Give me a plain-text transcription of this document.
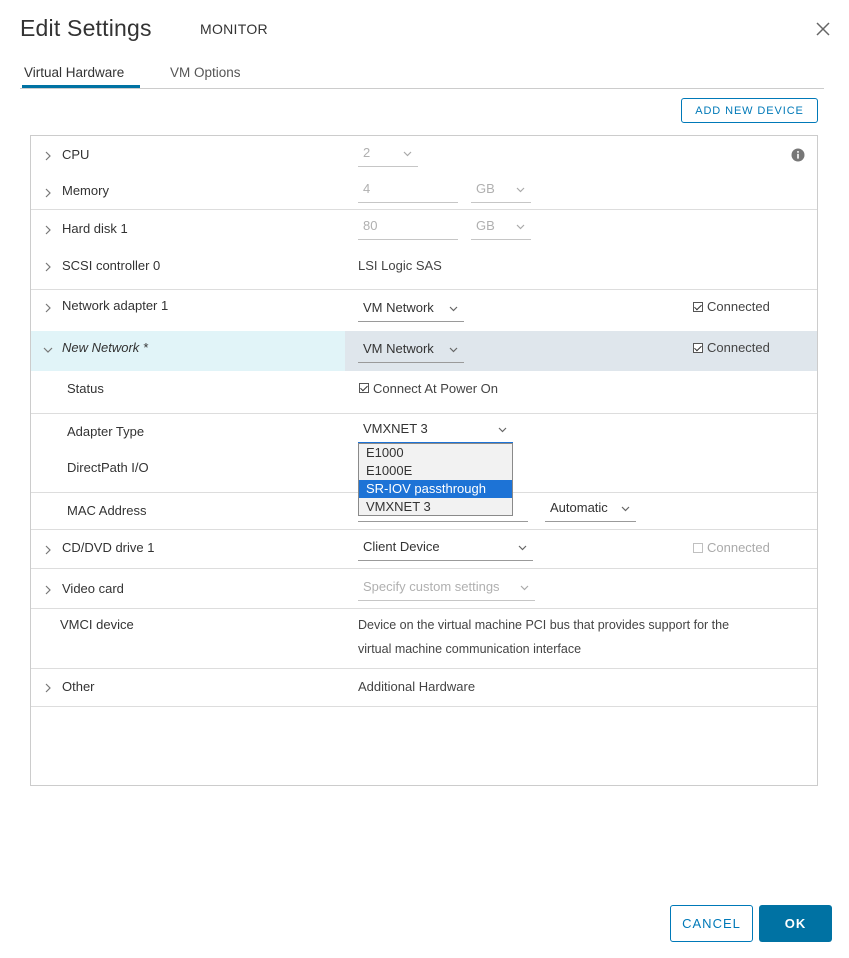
Edit Settings	MONITOR
Virtual Hardware	VM Options
ADD NEW DEVICE
CPU	2
Memory	4	GB
Hard disk 1	80	GB
SCSI controller 0	LSI Logic SAS
Network adapter 1	VM Network	Connected
New Network *	VM Network	Connected
Status	Connect At Power On
Adapter Type	VMXNET 3
DirectPath I/O
MAC Address	Automatic
E1000
E1000E
SR-IOV passthrough
VMXNET 3
CD/DVD drive 1	Client Device	Connected
Video card	Specify custom settings
VMCI device	Device on the virtual machine PCI bus that provides support for the
virtual machine communication interface
Other	Additional Hardware
CANCEL	OK
